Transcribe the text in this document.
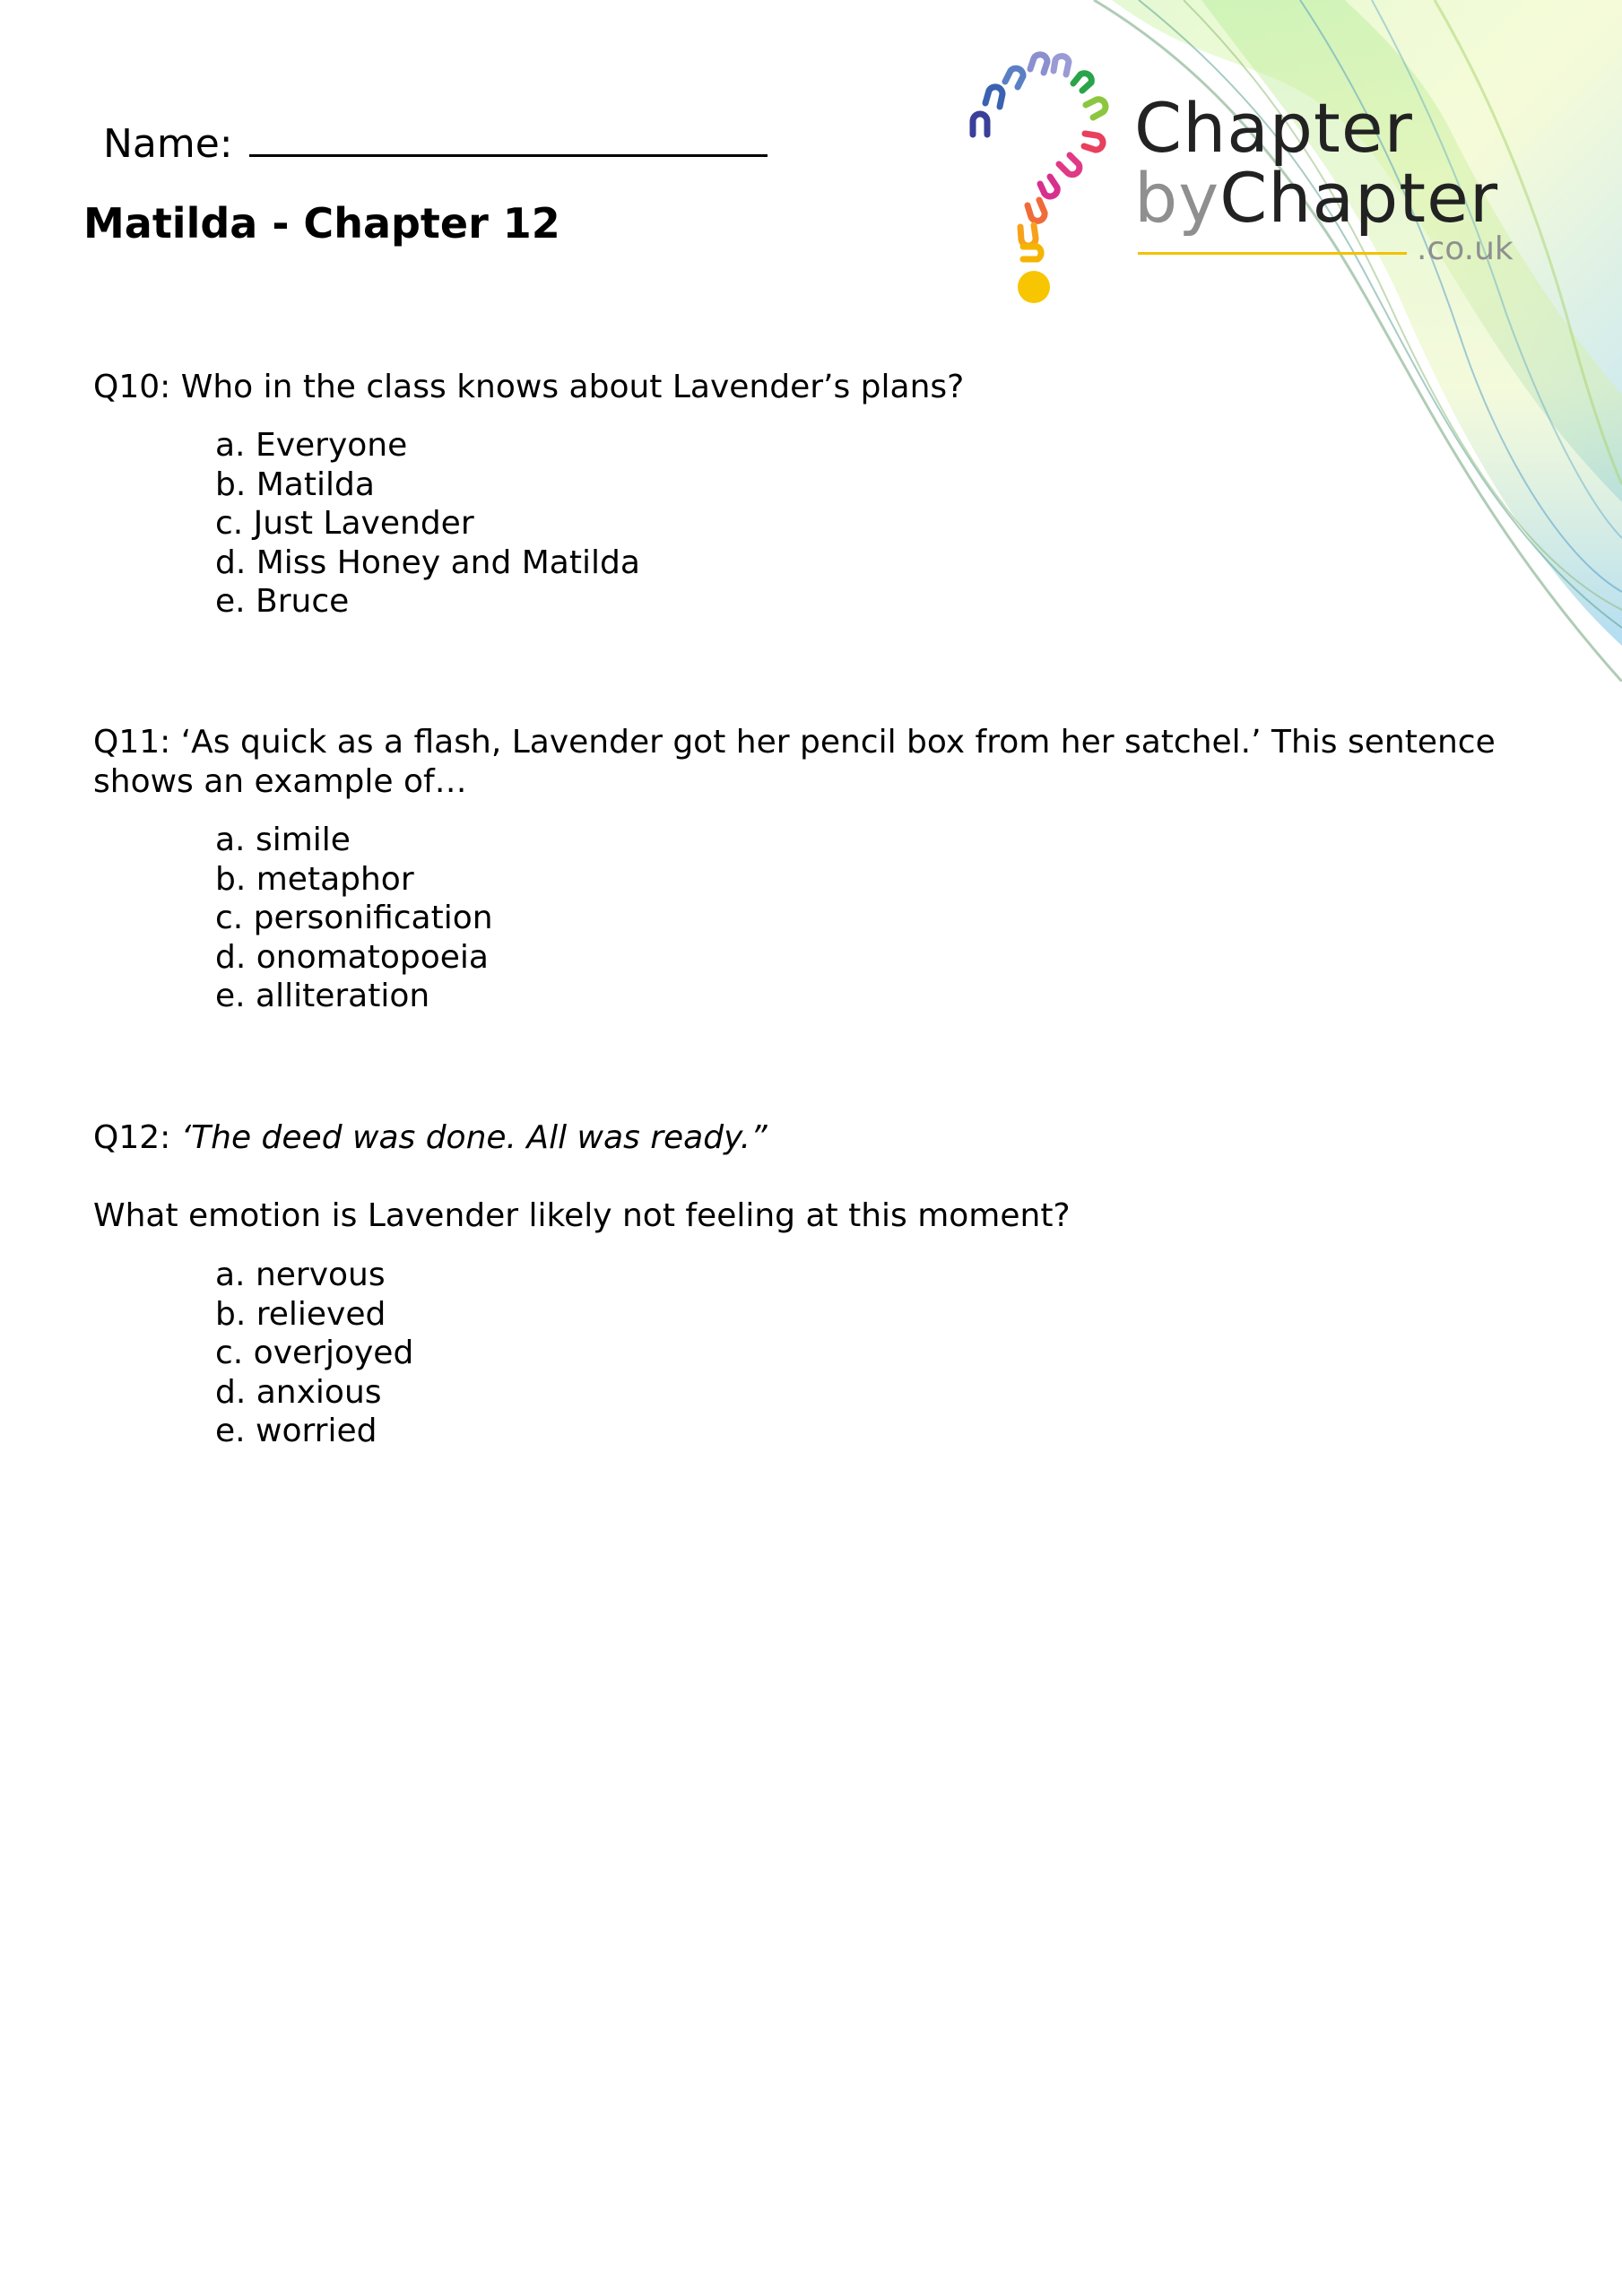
Chapter
byChapter
.co.uk
Name:
Matilda - Chapter 12
Q10: Who in the class knows about Lavender’s plans?
a. Everyone
b. Matilda
c. Just Lavender
d. Miss Honey and Matilda
e. Bruce
Q11: ‘As quick as a flash, Lavender got her pencil box from her satchel.’ This sentence shows an example of…
a. simile
b. metaphor
c. personification
d. onomatopoeia
e. alliteration
Q12: ‘The deed was done. All was ready.”
What emotion is Lavender likely not feeling at this moment?
a. nervous
b. relieved
c. overjoyed
d. anxious
e. worried
